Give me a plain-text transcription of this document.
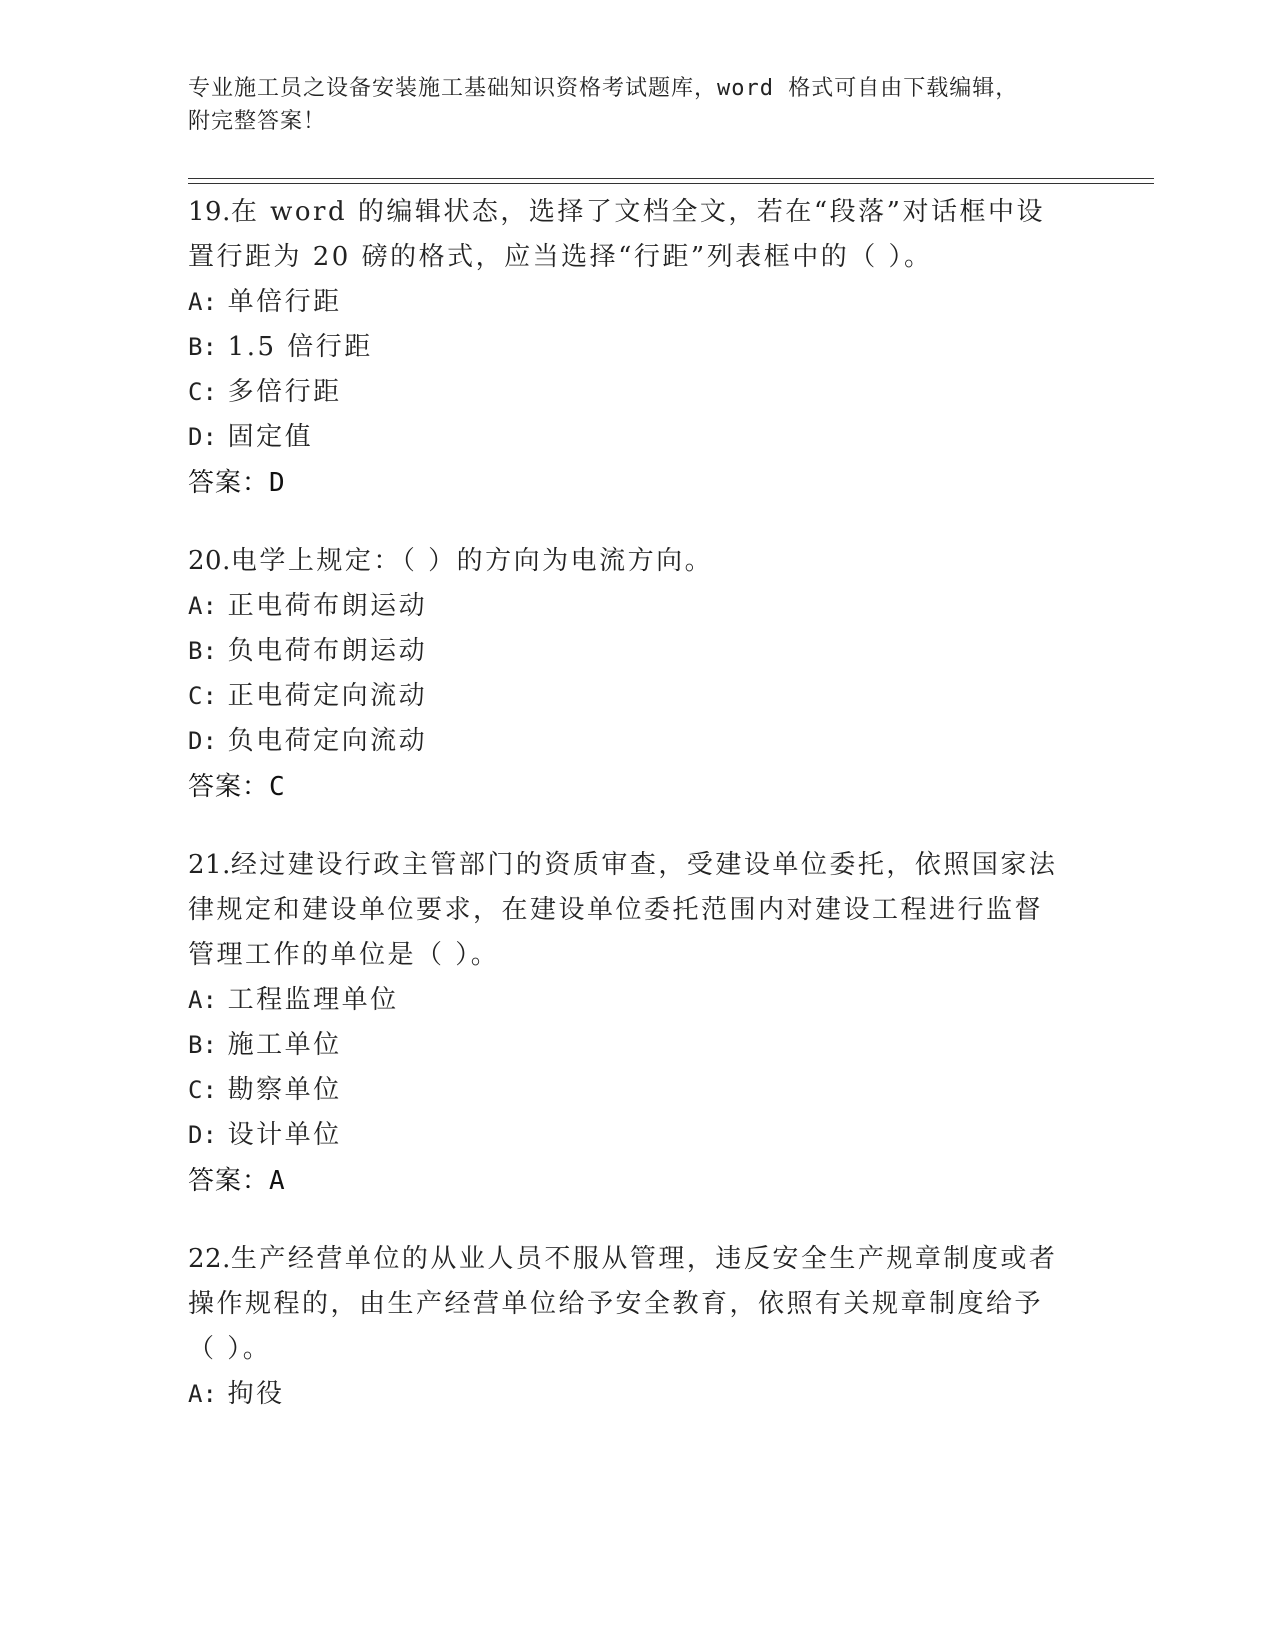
专业施工员之设备安装施工基础知识资格考试题库，word 格式可自由下载编辑，
附完整答案！

19.在 word 的编辑状态，选择了文档全文，若在“段落”对话框中设

置行距为 20 磅的格式，应当选择“行距”列表框中的（ ）。

A: 单倍行距
B: 1.5 倍行距
C: 多倍行距
D: 固定值
答案：D

20.电学上规定：（ ）的方向为电流方向。

A: 正电荷布朗运动
B: 负电荷布朗运动
C: 正电荷定向流动
D: 负电荷定向流动
答案：C

21.经过建设行政主管部门的资质审查，受建设单位委托，依照国家法

律规定和建设单位要求，在建设单位委托范围内对建设工程进行监督

管理工作的单位是（ ）。

A: 工程监理单位
B: 施工单位
C: 勘察单位
D: 设计单位
答案：A

22.生产经营单位的从业人员不服从管理，违反安全生产规章制度或者

操作规程的，由生产经营单位给予安全教育，依照有关规章制度给予

（ ）。

A: 拘役
